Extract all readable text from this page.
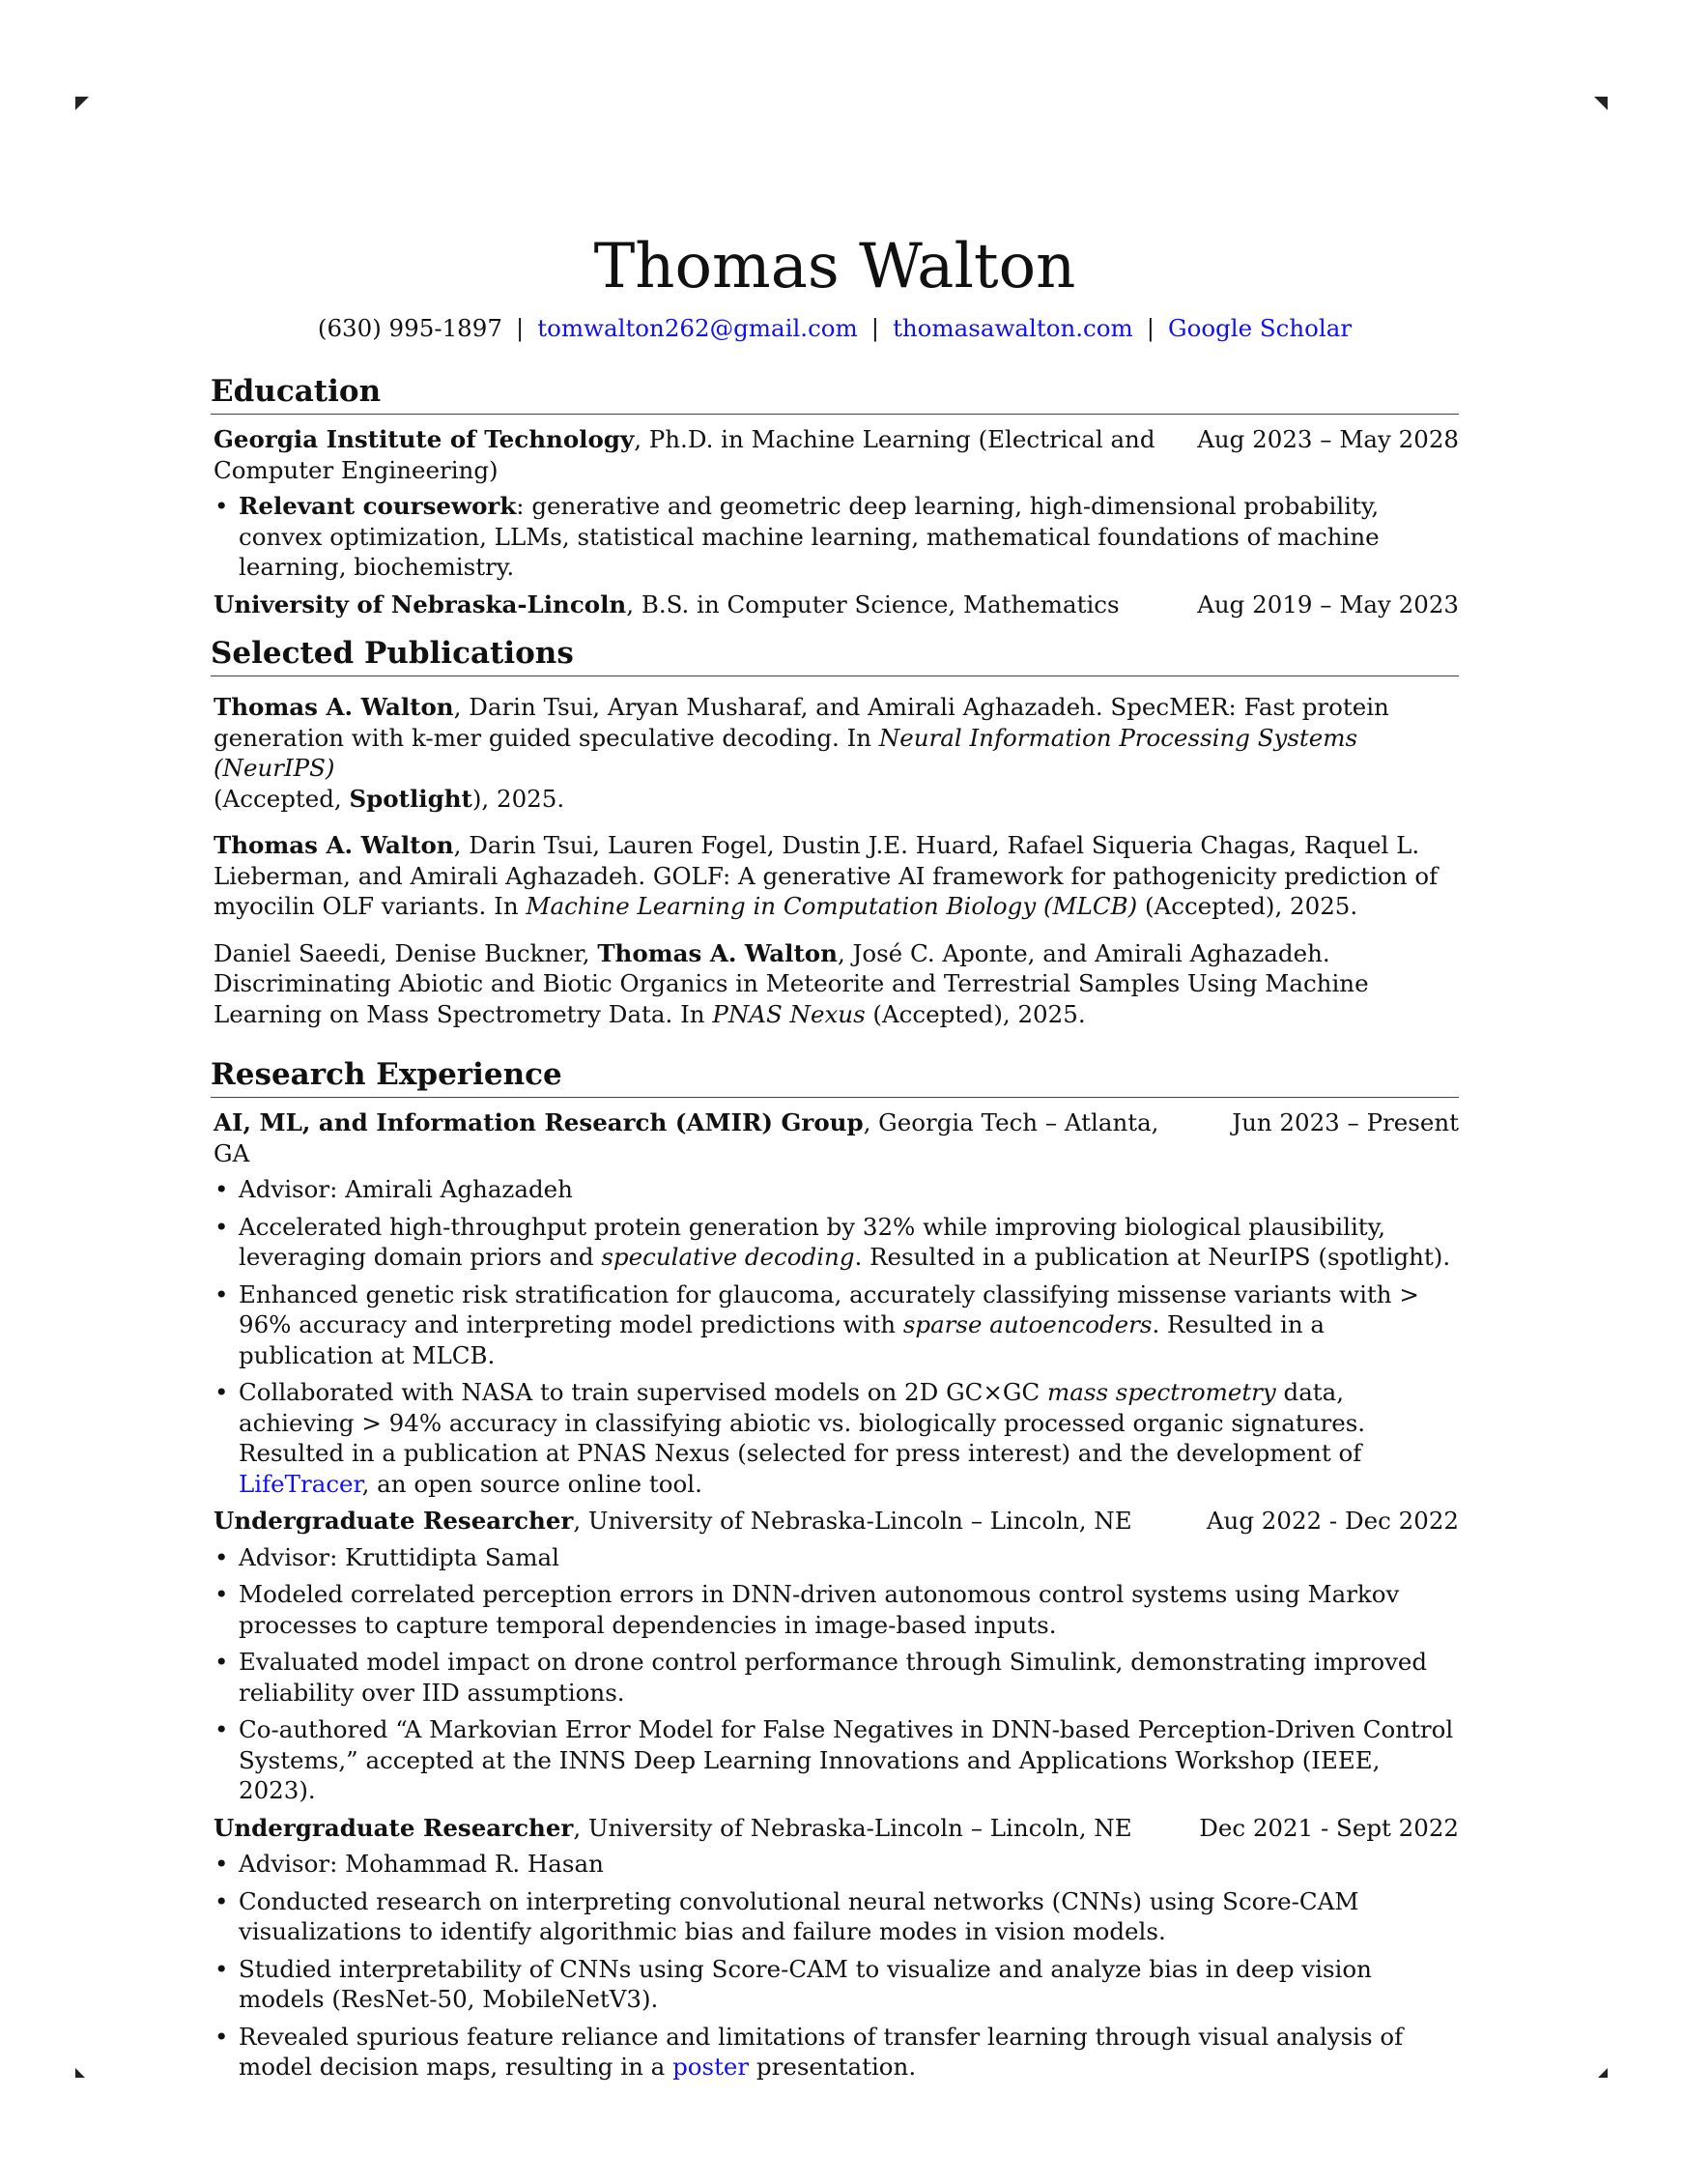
Thomas Walton
(630) 995-1897 | tomwalton262@gmail.com | thomasawalton.com | Google Scholar
Education
Georgia Institute of Technology, Ph.D. in Machine Learning (Electrical and Computer Engineering)
Aug 2023 – May 2028
• Relevant coursework: generative and geometric deep learning, high-dimensional probability, convex optimization, LLMs, statistical machine learning, mathematical foundations of machine learning, biochemistry.
University of Nebraska-Lincoln, B.S. in Computer Science, Mathematics	Aug 2019 – May 2023
Selected Publications
Thomas A. Walton, Darin Tsui, Aryan Musharaf, and Amirali Aghazadeh. SpecMER: Fast protein generation with k-mer guided speculative decoding. In Neural Information Processing Systems (NeurIPS)
(Accepted, Spotlight), 2025.
Thomas A. Walton, Darin Tsui, Lauren Fogel, Dustin J.E. Huard, Rafael Siqueria Chagas, Raquel L. Lieberman, and Amirali Aghazadeh. GOLF: A generative AI framework for pathogenicity prediction of myocilin OLF variants. In Machine Learning in Computation Biology (MLCB) (Accepted), 2025.
Daniel Saeedi, Denise Buckner, Thomas A. Walton, José C. Aponte, and Amirali Aghazadeh. Discriminating Abiotic and Biotic Organics in Meteorite and Terrestrial Samples Using Machine Learning on Mass Spectrometry Data. In PNAS Nexus (Accepted), 2025.
Research Experience
AI, ML, and Information Research (AMIR) Group, Georgia Tech – Atlanta, GA
Jun 2023 – Present
• Advisor: Amirali Aghazadeh
• Accelerated high-throughput protein generation by 32% while improving biological plausibility, leveraging domain priors and speculative decoding. Resulted in a publication at NeurIPS (spotlight).
• Enhanced genetic risk stratification for glaucoma, accurately classifying missense variants with > 96% accuracy and interpreting model predictions with sparse autoencoders. Resulted in a publication at MLCB.
• Collaborated with NASA to train supervised models on 2D GC×GC mass spectrometry data, achieving > 94% accuracy in classifying abiotic vs. biologically processed organic signatures. Resulted in a publication at PNAS Nexus (selected for press interest) and the development of LifeTracer, an open source online tool.
Undergraduate Researcher, University of Nebraska-Lincoln – Lincoln, NE	Aug 2022 - Dec 2022
• Advisor: Kruttidipta Samal
• Modeled correlated perception errors in DNN-driven autonomous control systems using Markov processes to capture temporal dependencies in image-based inputs.
• Evaluated model impact on drone control performance through Simulink, demonstrating improved reliability over IID assumptions.
• Co-authored “A Markovian Error Model for False Negatives in DNN-based Perception-Driven Control Systems,” accepted at the INNS Deep Learning Innovations and Applications Workshop (IEEE, 2023).
Undergraduate Researcher, University of Nebraska-Lincoln – Lincoln, NE	Dec 2021 - Sept 2022
• Advisor: Mohammad R. Hasan
• Conducted research on interpreting convolutional neural networks (CNNs) using Score-CAM visualizations to identify algorithmic bias and failure modes in vision models.
• Studied interpretability of CNNs using Score-CAM to visualize and analyze bias in deep vision models (ResNet-50, MobileNetV3).
• Revealed spurious feature reliance and limitations of transfer learning through visual analysis of model decision maps, resulting in a poster presentation.
